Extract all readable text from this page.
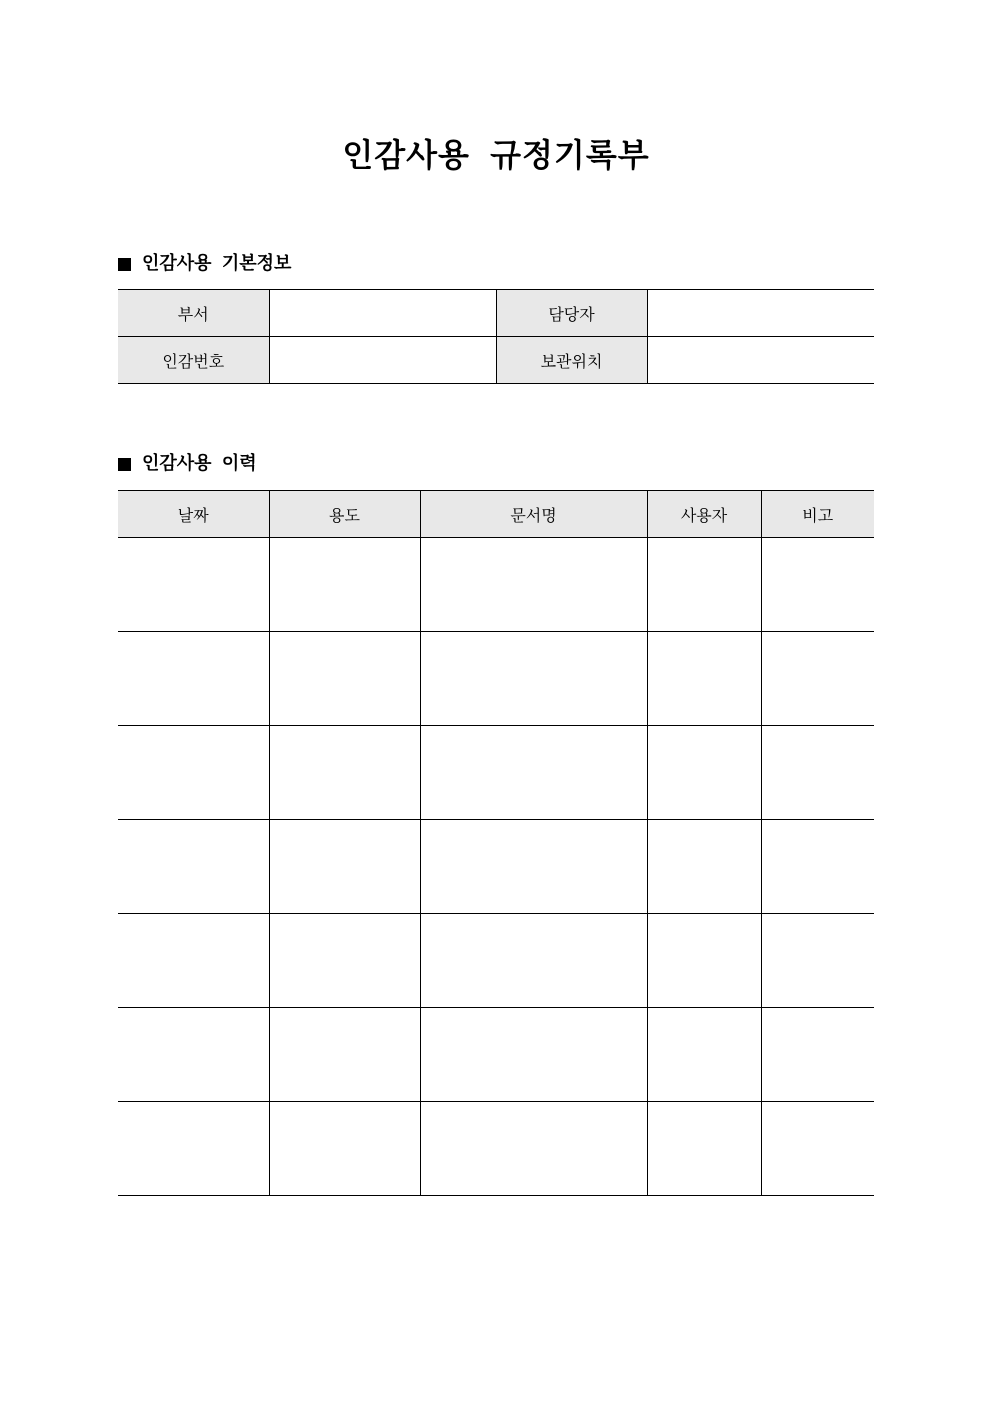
인감사용 규정기록부
인감사용 기본정보
부서		담당자	
인감번호		보관위치	
인감사용 이력
날짜	용도	문서명	사용자	비고
